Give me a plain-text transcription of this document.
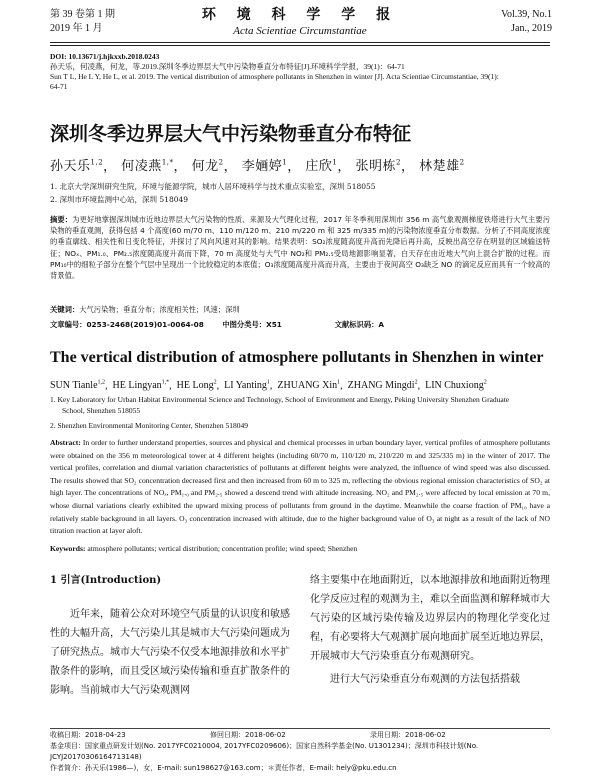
第 39 卷第 1 期
2019 年 1 月
环 境 科 学 学 报
Acta Scientiae Circumstantiae
Vol.39, No.1
Jan., 2019
DOI: 10.13671/j.hjkxxb.2018.0243
孙天乐，何凌燕，何龙，等.2019.深圳冬季边界层大气中污染物垂直分布特征[J].环境科学学报，39(1)：64-71
Sun T L, He L Y, He L, et al. 2019. The vertical distribution of atmosphere pollutants in Shenzhen in winter [J]. Acta Scientiae Circumstantiae, 39(1):
64-71
深圳冬季边界层大气中污染物垂直分布特征
孙天乐$^{1,2}$， 何凌燕$^{1,*}$， 何龙$^2$， 李婳婷$^1$， 庄欣$^1$， 张明栋$^2$， 林楚雄$^2$
1. 北京大学深圳研究生院，环境与能源学院，城市人居环境科学与技术重点实验室，深圳 518055
2. 深圳市环境监测中心站，深圳 518049
摘要：为更好地掌握深圳城市近地边界层大气污染物的性质、来源及大气理化过程，2017 年冬季利用深圳市 356 m 高气象观测梯度铁塔进行大气主要污染物的垂直观测，获得包括 4 个高度(60 m/70 m、110 m/120 m、210 m/220 m 和 325 m/335 m)的污染物浓度垂直分布数据。分析了不同高度浓度的垂直廓线、相关性和日变化特征，并探讨了风向风速对其的影响。结果表明：SO₂浓度随高度升高而先降后再升高，反映出高空存在明显的区域输送特征；NOₓ、PM₁.₀、PM₂.₅浓度随高度升高而下降，70 m 高度处与大气中 NO₂和 PM₂.₅受局地源影响显著，白天存在由近地大气向上混合扩散的过程。而 PM₁₀中的细粒子部分在整个气层中呈现出一个比较稳定的本底值；O₃浓度随高度升高而升高，主要由于夜间高空 O₃缺乏 NO 的滴定反应而具有一个较高的背景值。
关键词：大气污染物；垂直分布；浓度相关性；风速；深圳
文章编号：0253-2468(2019)01-0064-08	中图分类号：X51	文献标识码：A
The vertical distribution of atmosphere pollutants in Shenzhen in winter
SUN Tianle$^{1,2}$,  HE Lingyan$^{1,*}$,  HE Long$^2$,  LI Yanting$^1$,  ZHUANG Xin$^1$,  ZHANG Mingdi$^2$,  LIN Chuxiong$^2$
1. Key Laboratory for Urban Habitat Environmental Science and Technology, School of Environment and Energy, Peking University Shenzhen Graduate
School, Shenzhen 518055
2. Shenzhen Environmental Monitoring Center, Shenzhen 518049
Abstract: In order to further understand properties, sources and physical and chemical processes in urban boundary layer, vertical profiles of atmosphere pollutants were obtained on the 356 m meteorological tower at 4 different heights (including 60/70 m, 110/120 m, 210/220 m and 325/335 m) in the winter of 2017. The vertical profiles, correlation and diurnal variation characteristics of pollutants at different heights were analyzed, the influence of wind speed was also discussed. The results showed that SO₂ concentration decreased first and then increased from 60 m to 325 m, reflecting the obvious regional emission characteristics of SO₂ at high layer. The concentrations of NOₓ, PM₁.₀ and PM₂.₅ showed a descend trend with altitude increasing. NO₂ and PM₂.₅ were affected by local emission at 70 m, whose diurnal variations clearly exhibited the upward mixing process of pollutants from ground in the daytime. Meanwhile the coarse fraction of PM₁₀ have a relatively stable background in all layers. O₃ concentration increased with altitude, due to the higher background value of O₃ at night as a result of the lack of NO titration reaction at layer aloft.
Keywords: atmosphere pollutants; vertical distribution; concentration profile; wind speed; Shenzhen
1 引言(Introduction)
近年来，随着公众对环境空气质量的认识度和敏感性的大幅升高，大气污染儿其是城市大气污染问题成为了研究热点。城市大气污染不仅受本地源排放和水平扩散条件的影响，而且受区域污染传输和垂直扩散条件的影响。当前城市大气污染观测网
络主要集中在地面附近，以本地源排放和地面附近物理化学反应过程的观测为主，难以全面监测和解释城市大气污染的区域污染传输及边界层内的物理化学变化过程，有必要将大气观测扩展向地面扩展至近地边界层，开展城市大气污染垂直分布观测研究。
进行大气污染垂直分布观测的方法包括搭载
收稿日期：2018-04-23	修回日期：2018-06-02	录用日期：2018-06-02
基金项目：国家重点研发计划(No. 2017YFC0210004, 2017YFC0209606)；国家自然科学基金(No. U1301234)；深圳市科技计划(No. JCYJ20170306164713148)
作者简介：孙天乐(1986—)，女，E-mail: sun198627@163.com；＊责任作者，E-mail: hely@pku.edu.cn
